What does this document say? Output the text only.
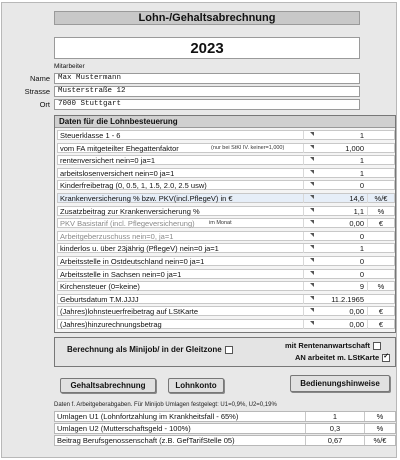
Lohn-/Gehaltsabrechnung
2023
Mitarbeiter
Name	Max Mustermann
Strasse	Musterstraße 12
Ort	7000 Stuttgart
Daten für die Lohnbesteuerung
Steuerklasse 1 - 6	1
vom FA mitgeteilter Ehegattenfaktor	(nur bei StKl IV. keiner=1,000)	1,000
rentenversichert nein=0 ja=1	1
arbeitslosenversichert nein=0 ja=1	1
Kinderfreibetrag (0, 0.5, 1, 1.5, 2.0, 2.5 usw)	0
Krankenversicherung % bzw. PKV(incl.PflegeV) in €	14,6	%/€
Zusatzbeitrag zur Krankenversicherung %	1,1	%
PKV Basistarif (incl. Pflegeversicherung)	im Monat	0,00	€
Arbeitgeberzuschuss nein=0, ja=1	0
kinderlos u. über 23jährig (PflegeV) nein=0 ja=1	1
Arbeitsstelle in Ostdeutschland nein=0 ja=1	0
Arbeitsstelle in Sachsen nein=0 ja=1	0
Kirchensteuer (0=keine)	9	%
Geburtsdatum T.M.JJJJ	11.2.1965
(Jahres)lohnsteuerfreibetrag auf LStKarte	0,00	€
(Jahres)hinzurechnungsbetrag	0,00	€
Berechnung als Minijob/ in der Gleitzone	mit Rentenanwartschaft
AN arbeitet m. LStKarte✓
Gehaltsabrechnung	Lohnkonto	Bedienungshinweise
Daten f. Arbeitgeberabgaben. Für Minijob Umlagen festgelegt: U1=0,9%, U2=0,19%
Umlagen U1 (Lohnfortzahlung im Krankheitsfall - 65%)	1	%
Umlagen U2 (Mutterschaftsgeld - 100%)	0,3	%
Beitrag Berufsgenossenschaft (z.B. GefTarifStelle 05)	0,67	%/€
